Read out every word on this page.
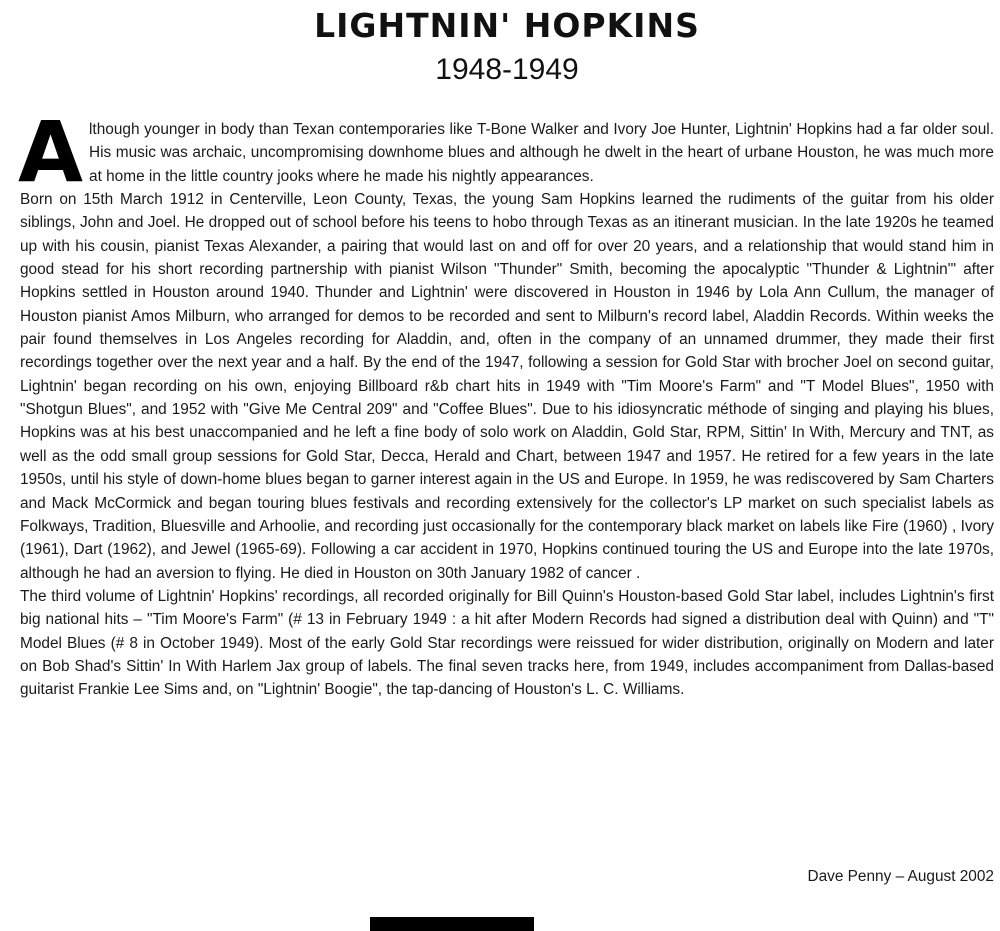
LIGHTNIN' HOPKINS
1948-1949

Although younger in body than Texan contemporaries like T-Bone Walker and Ivory Joe Hunter, Lightnin' Hopkins had a far older soul. His music was archaic, uncompromising downhome blues and although he dwelt in the heart of urbane Houston, he was much more at home in the little country jooks where he made his nightly appearances.

Born on 15th March 1912 in Centerville, Leon County, Texas, the young Sam Hopkins learned the rudiments of the guitar from his older siblings, John and Joel. He dropped out of school before his teens to hobo through Texas as an itinerant musician. In the late 1920s he teamed up with his cousin, pianist Texas Alexander, a pairing that would last on and off for over 20 years, and a relationship that would stand him in good stead for his short recording partnership with pianist Wilson "Thunder" Smith, becoming the apocalyptic "Thunder & Lightnin'" after Hopkins settled in Houston around 1940. Thunder and Lightnin' were discovered in Houston in 1946 by Lola Ann Cullum, the manager of Houston pianist Amos Milburn, who arranged for demos to be recorded and sent to Milburn's record label, Aladdin Records. Within weeks the pair found themselves in Los Angeles recording for Aladdin, and, often in the company of an unnamed drummer, they made their first recordings together over the next year and a half. By the end of the 1947, following a session for Gold Star with brocher Joel on second guitar, Lightnin' began recording on his own, enjoying Billboard r&b chart hits in 1949 with "Tim Moore's Farm" and "T Model Blues", 1950 with "Shotgun Blues", and 1952 with "Give Me Central 209" and "Coffee Blues". Due to his idiosyncratic méthode of singing and playing his blues, Hopkins was at his best unaccompanied and he left a fine body of solo work on Aladdin, Gold Star, RPM, Sittin' In With, Mercury and TNT, as well as the odd small group sessions for Gold Star, Decca, Herald and Chart, between 1947 and 1957. He retired for a few years in the late 1950s, until his style of down-home blues began to garner interest again in the US and Europe. In 1959, he was rediscovered by Sam Charters and Mack McCormick and began touring blues festivals and recording extensively for the collector's LP market on such specialist labels as Folkways, Tradition, Bluesville and Arhoolie, and recording just occasionally for the contemporary black market on labels like Fire (1960) , Ivory (1961), Dart (1962), and Jewel (1965-69). Following a car accident in 1970, Hopkins continued touring the US and Europe into the late 1970s, although he had an aversion to flying. He died in Houston on 30th January 1982 of cancer .

The third volume of Lightnin' Hopkins' recordings, all recorded originally for Bill Quinn's Houston-based Gold Star label, includes Lightnin's first big national hits – "Tim Moore's Farm" (# 13 in February 1949 : a hit after Modern Records had signed a distribution deal with Quinn) and "T" Model Blues (# 8 in October 1949). Most of the early Gold Star recordings were reissued for wider distribution, originally on Modern and later on Bob Shad's Sittin' In With Harlem Jax group of labels. The final seven tracks here, from 1949, includes accompaniment from Dallas-based guitarist Frankie Lee Sims and, on "Lightnin' Boogie", the tap-dancing of Houston's L. C. Williams.

Dave Penny – August 2002
